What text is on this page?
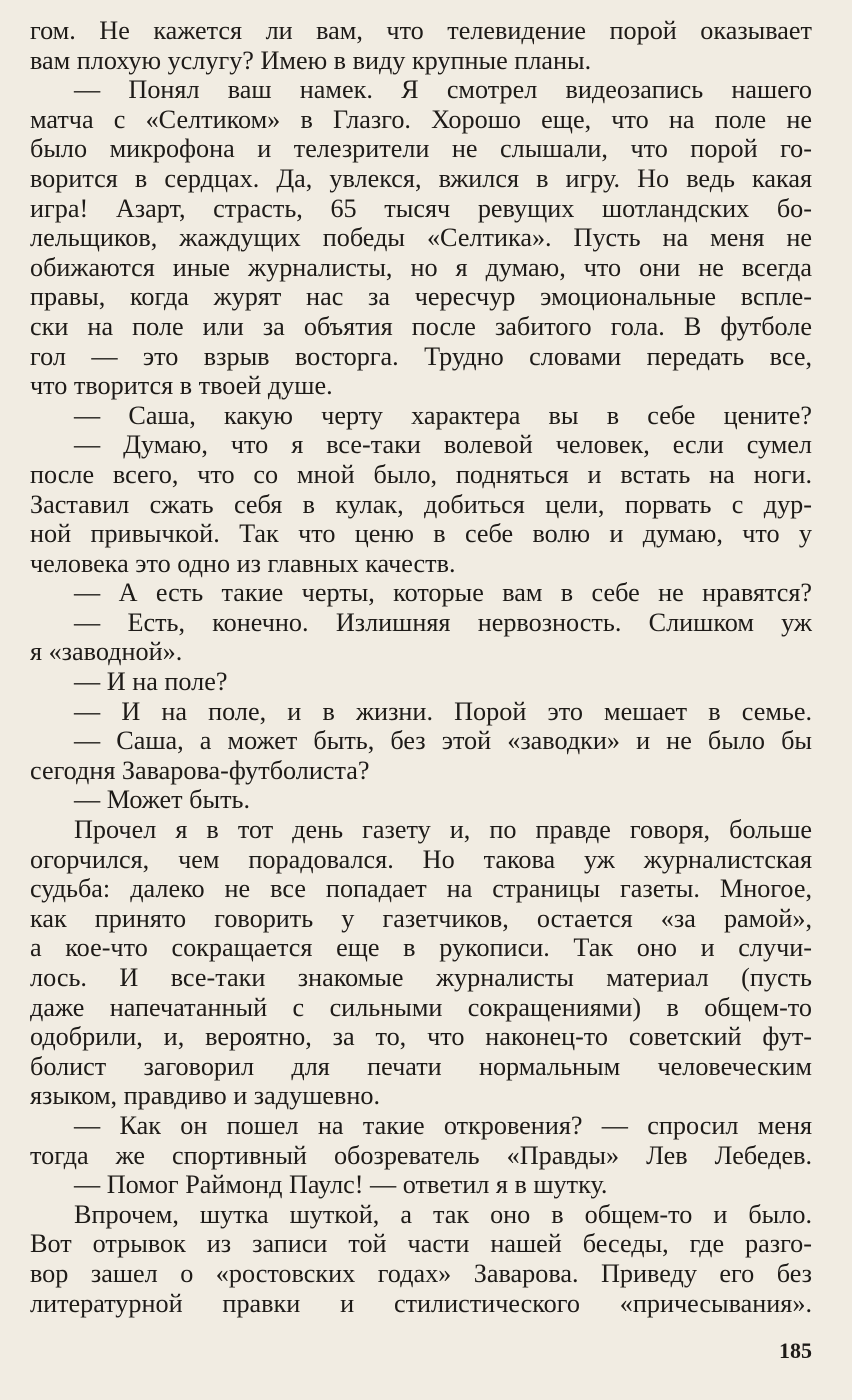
гом. Не кажется ли вам, что телевидение порой оказывает
вам плохую услугу? Имею в виду крупные планы.
— Понял ваш намек. Я смотрел видеозапись нашего
матча с «Селтиком» в Глазго. Хорошо еще, что на поле не
было микрофона и телезрители не слышали, что порой го-
ворится в сердцах. Да, увлекся, вжился в игру. Но ведь какая
игра! Азарт, страсть, 65 тысяч ревущих шотландских бо-
лельщиков, жаждущих победы «Селтика». Пусть на меня не
обижаются иные журналисты, но я думаю, что они не всегда
правы, когда журят нас за чересчур эмоциональные вспле-
ски на поле или за объятия после забитого гола. В футболе
гол — это взрыв восторга. Трудно словами передать все,
что творится в твоей душе.
— Саша, какую черту характера вы в себе цените?
— Думаю, что я все-таки волевой человек, если сумел
после всего, что со мной было, подняться и встать на ноги.
Заставил сжать себя в кулак, добиться цели, порвать с дур-
ной привычкой. Так что ценю в себе волю и думаю, что у
человека это одно из главных качеств.
— А есть такие черты, которые вам в себе не нравятся?
— Есть, конечно. Излишняя нервозность. Слишком уж
я «заводной».
— И на поле?
— И на поле, и в жизни. Порой это мешает в семье.
— Саша, а может быть, без этой «заводки» и не было бы
сегодня Заварова-футболиста?
— Может быть.
Прочел я в тот день газету и, по правде говоря, больше
огорчился, чем порадовался. Но такова уж журналистская
судьба: далеко не все попадает на страницы газеты. Многое,
как принято говорить у газетчиков, остается «за рамой»,
а кое-что сокращается еще в рукописи. Так оно и случи-
лось. И все-таки знакомые журналисты материал (пусть
даже напечатанный с сильными сокращениями) в общем-то
одобрили, и, вероятно, за то, что наконец-то советский фут-
болист заговорил для печати нормальным человеческим
языком, правдиво и задушевно.
— Как он пошел на такие откровения? — спросил меня
тогда же спортивный обозреватель «Правды» Лев Лебедев.
— Помог Раймонд Паулс! — ответил я в шутку.
Впрочем, шутка шуткой, а так оно в общем-то и было.
Вот отрывок из записи той части нашей беседы, где разго-
вор зашел о «ростовских годах» Заварова. Приведу его без
литературной правки и стилистического «причесывания».
185
